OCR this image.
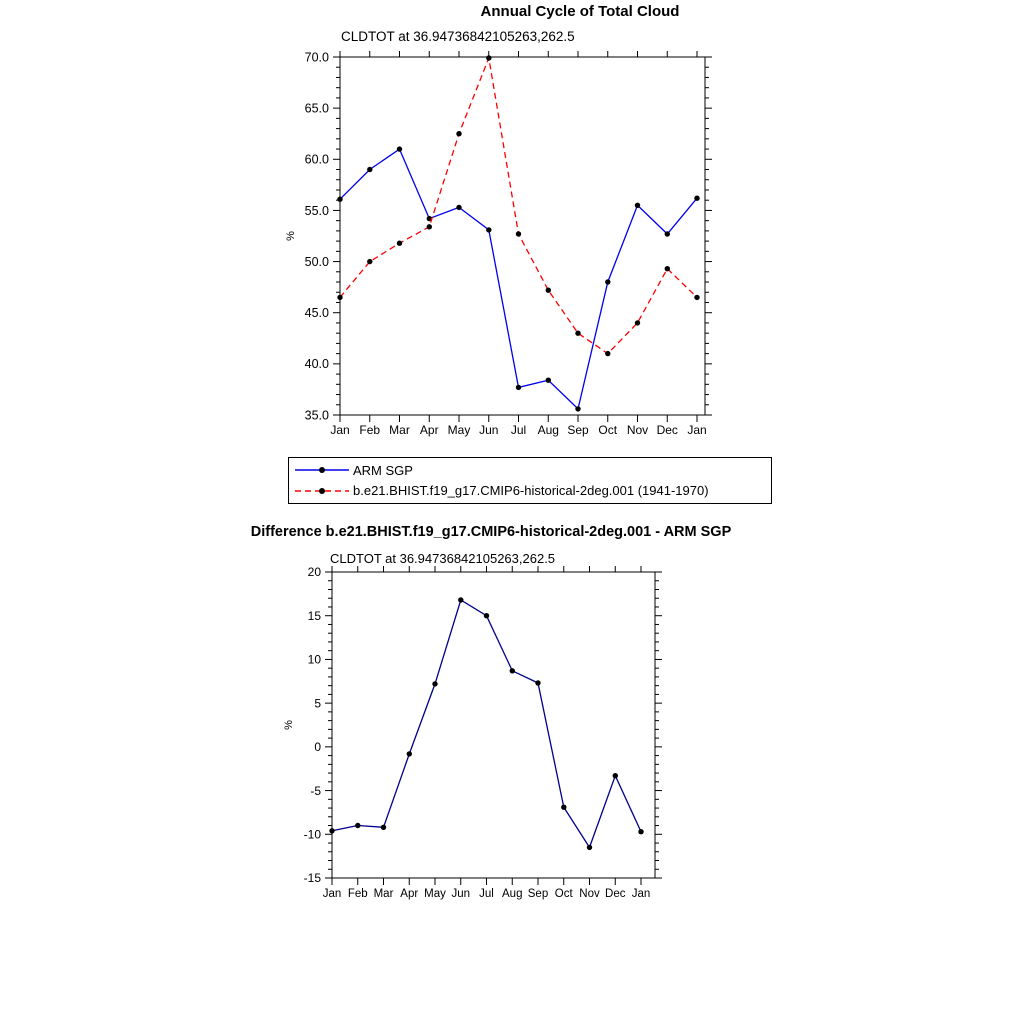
Annual Cycle of Total Cloud
CLDTOT at 36.94736842105263,262.5
35.0
40.0
45.0
50.0
55.0
60.0
65.0
70.0
Jan Feb Mar Apr May Jun Jul Aug Sep Oct Nov Dec Jan
%
ARM SGP
b.e21.BHIST.f19_g17.CMIP6-historical-2deg.001 (1941-1970)
Difference b.e21.BHIST.f19_g17.CMIP6-historical-2deg.001 - ARM SGP
CLDTOT at 36.94736842105263,262.5
-15
-10
-5
0
5
10
15
20
Jan Feb Mar Apr May Jun Jul Aug Sep Oct Nov Dec Jan
%
